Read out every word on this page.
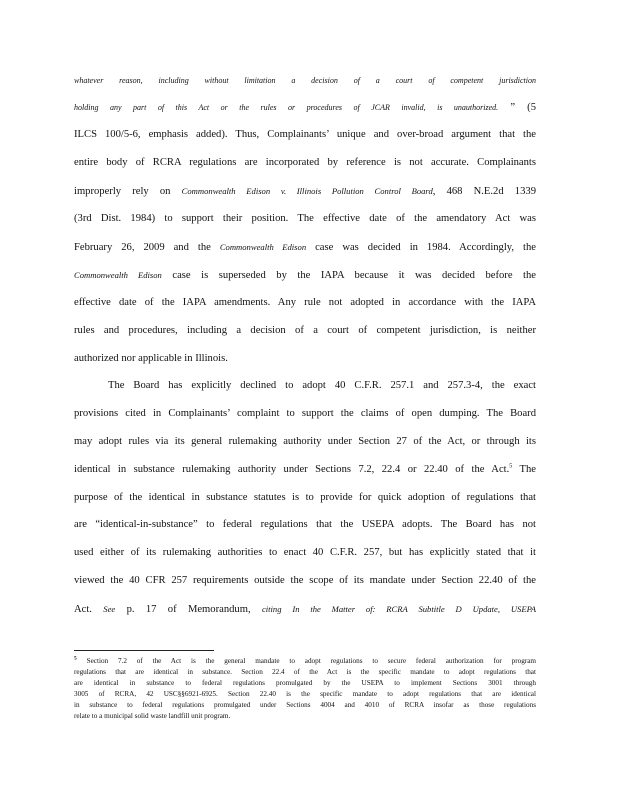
whatever reason, including without limitation a decision of a court of competent jurisdiction
holding any part of this Act or the rules or procedures of JCAR invalid, is unauthorized. ” (5
ILCS 100/5-6, emphasis added). Thus, Complainants’ unique and over-broad argument that the
entire body of RCRA regulations are incorporated by reference is not accurate. Complainants
improperly rely on Commonwealth Edison v. Illinois Pollution Control Board, 468 N.E.2d 1339
(3rd Dist. 1984) to support their position. The effective date of the amendatory Act was
February 26, 2009 and the Commonwealth Edison case was decided in 1984. Accordingly, the
Commonwealth Edison case is superseded by the IAPA because it was decided before the
effective date of the IAPA amendments. Any rule not adopted in accordance with the IAPA
rules and procedures, including a decision of a court of competent jurisdiction, is neither
authorized nor applicable in Illinois.
The Board has explicitly declined to adopt 40 C.F.R. 257.1 and 257.3-4, the exact
provisions cited in Complainants’ complaint to support the claims of open dumping. The Board
may adopt rules via its general rulemaking authority under Section 27 of the Act, or through its
identical in substance rulemaking authority under Sections 7.2, 22.4 or 22.40 of the Act.$^5$ The
purpose of the identical in substance statutes is to provide for quick adoption of regulations that
are “identical-in-substance” to federal regulations that the USEPA adopts. The Board has not
used either of its rulemaking authorities to enact 40 C.F.R. 257, but has explicitly stated that it
viewed the 40 CFR 257 requirements outside the scope of its mandate under Section 22.40 of the
Act. See p. 17 of Memorandum, citing In the Matter of: RCRA Subtitle D Update, USEPA
$^5$ Section 7.2 of the Act is the general mandate to adopt regulations to secure federal authorization for program
regulations that are identical in substance. Section 22.4 of the Act is the specific mandate to adopt regulations that
are identical in substance to federal regulations promulgated by the USEPA to implement Sections 3001 through
3005 of RCRA, 42 USC§§6921-6925. Section 22.40 is the specific mandate to adopt regulations that are identical
in substance to federal regulations promulgated under Sections 4004 and 4010 of RCRA insofar as those regulations
relate to a municipal solid waste landfill unit program.
